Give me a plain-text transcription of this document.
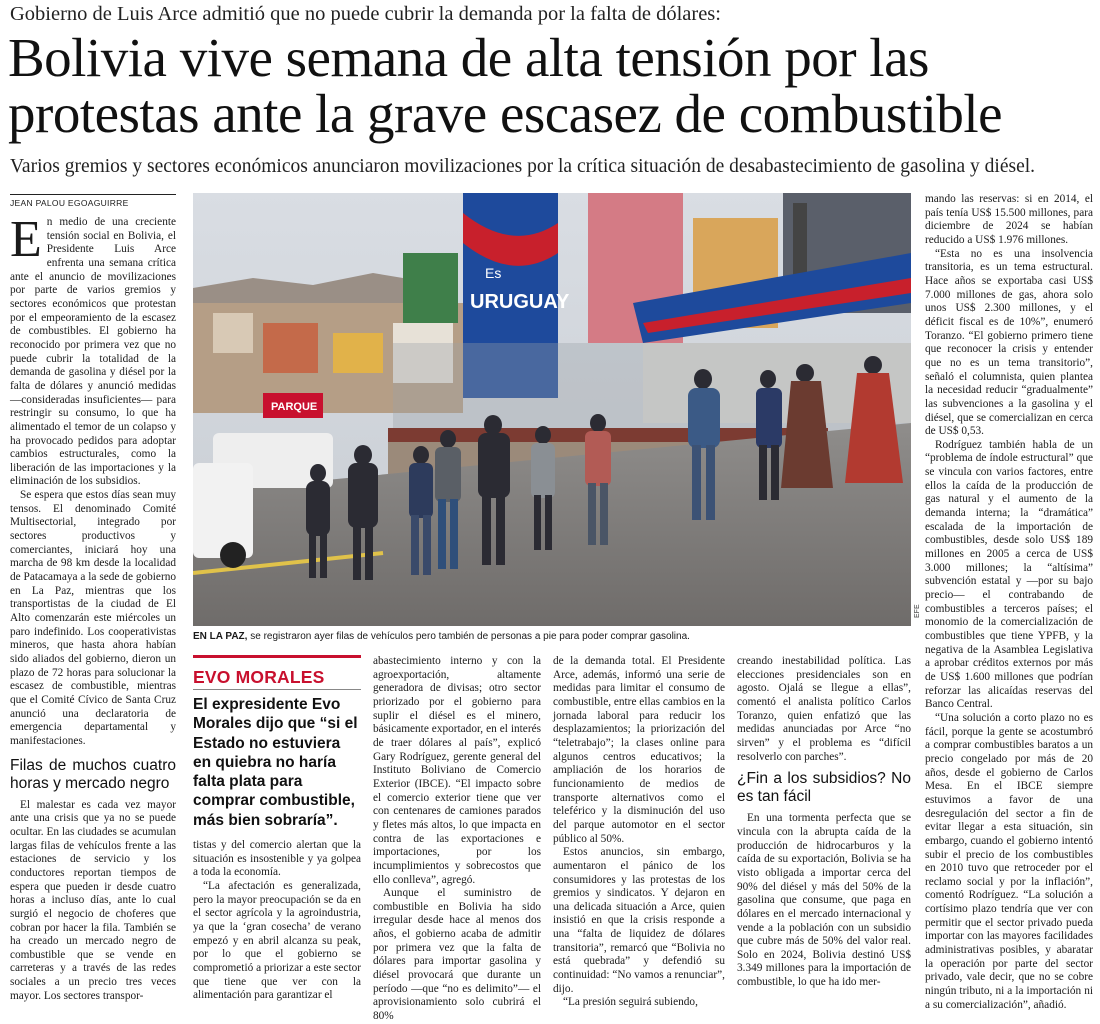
Gobierno de Luis Arce admitió que no puede cubrir la demanda por la falta de dólares:
Bolivia vive semana de alta tensión por las
protestas ante la grave escasez de combustible
Varios gremios y sectores económicos anunciaron movilizaciones por la crítica situación de desabastecimiento de gasolina y diésel.
JEAN PALOU EGOAGUIRRE

En medio de una creciente tensión social en Bolivia, el Presidente Luis Arce enfrenta una semana crítica ante el anuncio de movilizaciones por parte de varios gremios y sectores económicos que protestan por el empeoramiento de la escasez de combustibles. El gobierno ha reconocido por primera vez que no puede cubrir la totalidad de la demanda de gasolina y diésel por la falta de dólares y anunció medidas —consideradas insuficientes— para restringir su consumo, lo que ha alimentado el temor de un colapso y ha provocado pedidos para adoptar cambios estructurales, como la liberación de las importaciones y la eliminación de los subsidios.

Se espera que estos días sean muy tensos. El denominado Comité Multisectorial, integrado por sectores productivos y comerciantes, iniciará hoy una marcha de 98 km desde la localidad de Patacamaya a la sede de gobierno en La Paz, mientras que los transportistas de la ciudad de El Alto comenzarán este miércoles un paro indefinido. Los cooperativistas mineros, que hasta ahora habían sido aliados del gobierno, dieron un plazo de 72 horas para solucionar la escasez de combustible, mientras que el Comité Cívico de Santa Cruz anunció una declaratoria de emergencia departamental y manifestaciones.

Filas de muchos cuatro horas y mercado negro

El malestar es cada vez mayor ante una crisis que ya no se puede ocultar. En las ciudades se acumulan largas filas de vehículos frente a las estaciones de servicio y los conductores reportan tiempos de espera que pueden ir desde cuatro horas a incluso días, ante lo cual surgió el negocio de choferes que cobran por hacer la fila. También se ha creado un mercado negro de combustible que se vende en carreteras y a través de las redes sociales a un precio tres veces mayor. Los sectores transpor-

Es
URUGUAY
PARQUE
EN LA PAZ, se registraron ayer filas de vehículos pero también de personas a pie para poder comprar gasolina.
EFE
EVO MORALES
El expresidente Evo Morales dijo que “si el Estado no estuviera en quiebra no haría falta plata para comprar combustible, más bien sobraría”.

tistas y del comercio alertan que la situación es insostenible y ya golpea a toda la economía.

“La afectación es generalizada, pero la mayor preocupación se da en el sector agrícola y la agroindustria, ya que la ‘gran cosecha’ de verano empezó y en abril alcanza su peak, por lo que el gobierno se comprometió a priorizar a este sector que tiene que ver con la alimentación para garantizar el

abastecimiento interno y con la agroexportación, altamente generadora de divisas; otro sector priorizado por el gobierno para suplir el diésel es el minero, básicamente exportador, en el interés de traer dólares al país”, explicó Gary Rodríguez, gerente general del Instituto Boliviano de Comercio Exterior (IBCE). “El impacto sobre el comercio exterior tiene que ver con centenares de camiones parados y fletes más altos, lo que impacta en contra de las exportaciones e importaciones, por los incumplimientos y sobrecostos que ello conlleva”, agregó.

Aunque el suministro de combustible en Bolivia ha sido irregular desde hace al menos dos años, el gobierno acaba de admitir por primera vez que la falta de dólares para importar gasolina y diésel provocará que durante un período —que “no es delimito”— el aprovisionamiento solo cubrirá el 80%

de la demanda total. El Presidente Arce, además, informó una serie de medidas para limitar el consumo de combustible, entre ellas cambios en la jornada laboral para reducir los desplazamientos; la priorización del “teletrabajo”; la clases online para algunos centros educativos; la ampliación de los horarios de funcionamiento de medios de transporte alternativos como el teleférico y la disminución del uso del parque automotor en el sector público al 50%.

Estos anuncios, sin embargo, aumentaron el pánico de los consumidores y las protestas de los gremios y sindicatos. Y dejaron en una delicada situación a Arce, quien insistió en que la crisis responde a una “falta de liquidez de dólares transitoria”, remarcó que “Bolivia no está quebrada” y defendió su continuidad: “No vamos a renunciar”, dijo.

“La presión seguirá subiendo,

creando inestabilidad política. Las elecciones presidenciales son en agosto. Ojalá se llegue a ellas”, comentó el analista político Carlos Toranzo, quien enfatizó que las medidas anunciadas por Arce “no sirven” y el problema es “difícil resolverlo con parches”.

¿Fin a los subsidios? No es tan fácil

En una tormenta perfecta que se vincula con la abrupta caída de la producción de hidrocarburos y la caída de su exportación, Bolivia se ha visto obligada a importar cerca del 90% del diésel y más del 50% de la gasolina que consume, que paga en dólares en el mercado internacional y vende a la población con un subsidio que cubre más de 50% del valor real. Solo en 2024, Bolivia destinó US$ 3.349 millones para la importación de combustible, lo que ha ido mer-

mando las reservas: si en 2014, el país tenía US$ 15.500 millones, para diciembre de 2024 se habían reducido a US$ 1.976 millones.

“Esta no es una insolvencia transitoria, es un tema estructural. Hace años se exportaba casi US$ 7.000 millones de gas, ahora solo unos US$ 2.300 millones, y el déficit fiscal es de 10%”, enumeró Toranzo. “El gobierno primero tiene que reconocer la crisis y entender que no es un tema transitorio”, señaló el columnista, quien plantea la necesidad reducir “gradualmente” las subvenciones a la gasolina y el diésel, que se comercializan en cerca de US$ 0,53.

Rodríguez también habla de un “problema de índole estructural” que se vincula con varios factores, entre ellos la caída de la producción de gas natural y el aumento de la demanda interna; la “dramática” escalada de la importación de combustibles, desde solo US$ 189 millones en 2005 a cerca de US$ 3.000 millones; la “altísima” subvención estatal y —por su bajo precio— el contrabando de combustibles a terceros países; el monomio de la comercialización de combustibles que tiene YPFB, y la negativa de la Asamblea Legislativa a aprobar créditos externos por más de US$ 1.600 millones que podrían reforzar las alicaídas reservas del Banco Central.

“Una solución a corto plazo no es fácil, porque la gente se acostumbró a comprar combustibles baratos a un precio congelado por más de 20 años, desde el gobierno de Carlos Mesa. En el IBCE siempre estuvimos a favor de una desregulación del sector a fin de evitar llegar a esta situación, sin embargo, cuando el gobierno intentó subir el precio de los combustibles en 2010 tuvo que retroceder por el reclamo social y por la inflación”, comentó Rodríguez. “La solución a cortísimo plazo tendría que ver con permitir que el sector privado pueda importar con las mayores facilidades administrativas posibles, y abaratar la operación por parte del sector privado, vale decir, que no se cobre ningún tributo, ni a la importación ni a su comercialización”, añadió.
